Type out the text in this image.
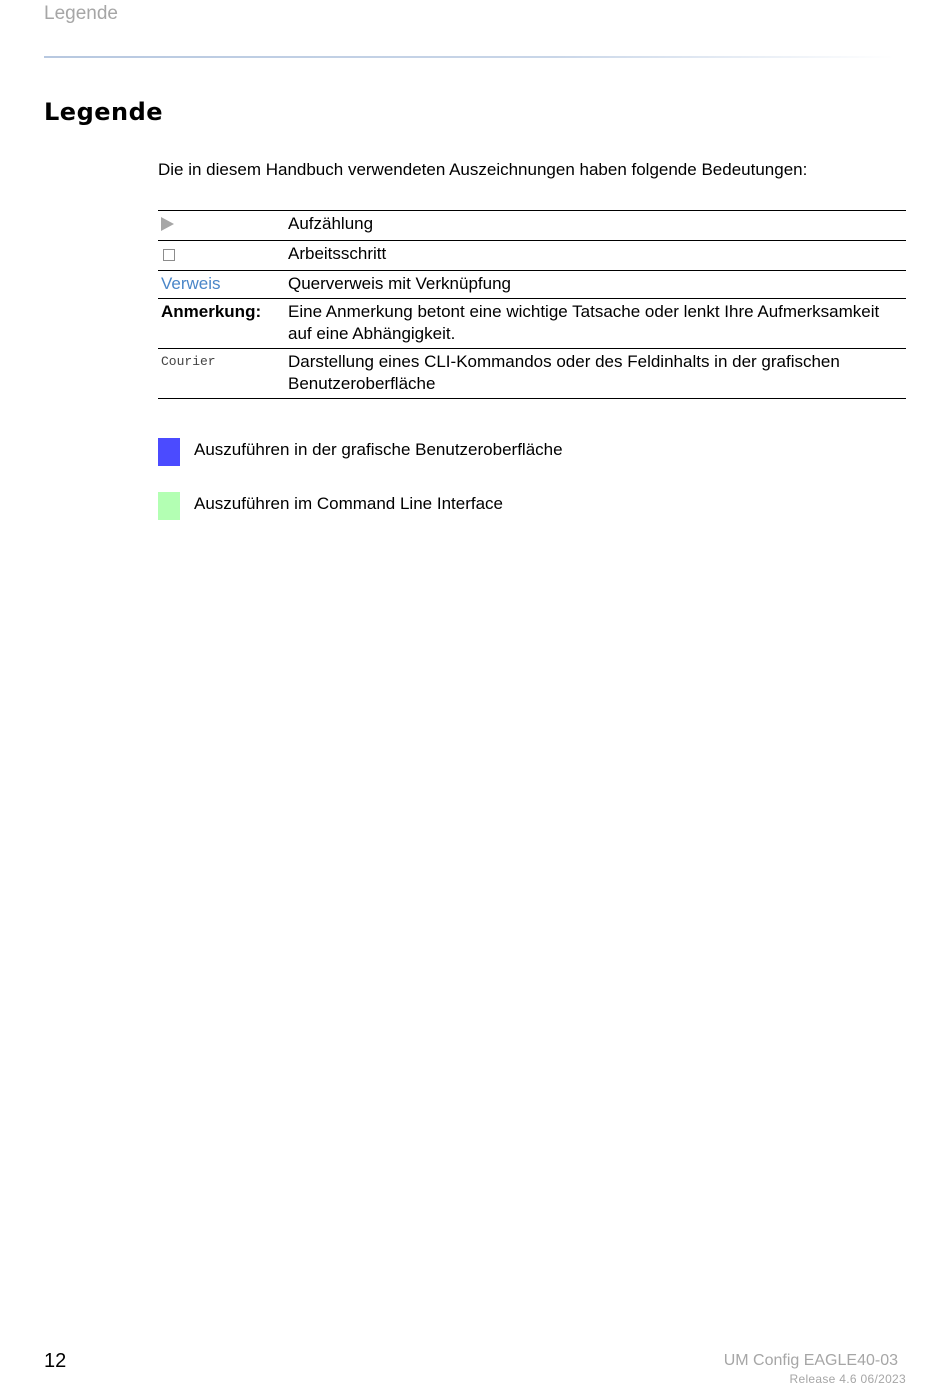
Legende
Legende
Die in diesem Handbuch verwendeten Auszeichnungen haben folgende Bedeutungen:
	Aufzählung
	Arbeitsschritt
Verweis	Querverweis mit Verknüpfung
Anmerkung:	Eine Anmerkung betont eine wichtige Tatsache oder lenkt Ihre Aufmerksamkeit auf eine Abhängigkeit.
Courier	Darstellung eines CLI-Kommandos oder des Feldinhalts in der grafischen Benutzeroberfläche
Auszuführen in der grafische Benutzeroberfläche
Auszuführen im Command Line Interface
12	UM Config EAGLE40-03
Release 4.6 06/2023
